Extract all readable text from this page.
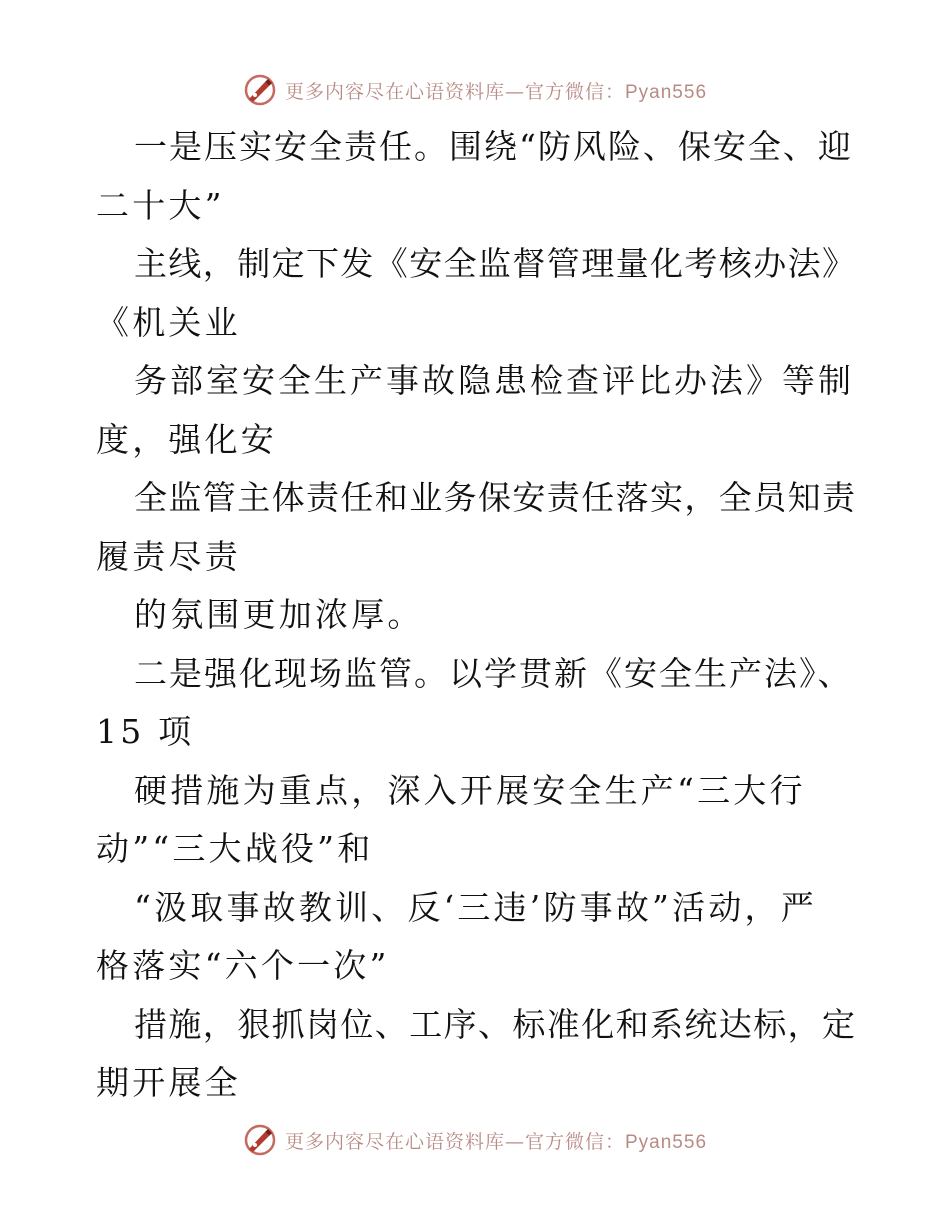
更多内容尽在心语资料库—官方微信：Pyan556
一是压实安全责任。围绕“防风险、保安全、迎
二十大”
主线，制定下发《安全监督管理量化考核办法》
《机关业
务部室安全生产事故隐患检查评比办法》等制
度，强化安
全监管主体责任和业务保安责任落实，全员知责
履责尽责
的氛围更加浓厚。
二是强化现场监管。以学贯新《安全生产法》、
15 项
硬措施为重点，深入开展安全生产“三大行
动”“三大战役”和
“汲取事故教训、反‘三违’防事故”活动，严
格落实“六个一次”
措施，狠抓岗位、工序、标准化和系统达标，定
期开展全
更多内容尽在心语资料库—官方微信：Pyan556
